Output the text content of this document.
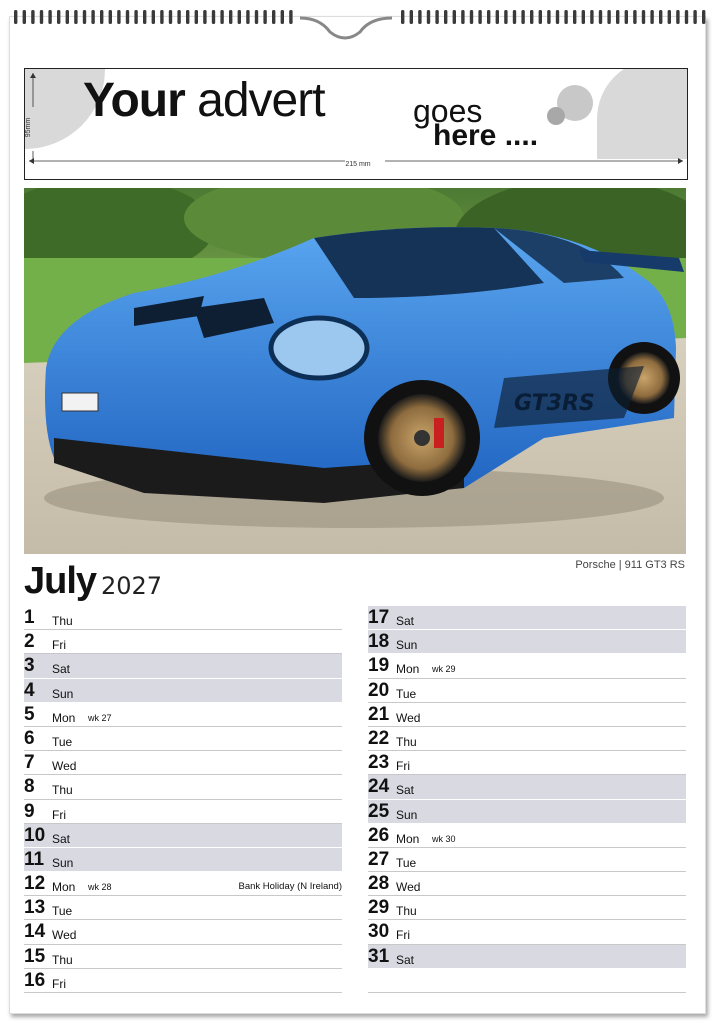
Your advert	goes
here ....
215 mm
95mm
GT3RS
Porsche | 911 GT3 RS
July 2027
1 Thu
2 Fri
3 Sat
4 Sun
5 Mon wk 27
6 Tue
7 Wed
8 Thu
9 Fri
10 Sat
11 Sun
12 Mon wk 28	Bank Holiday (N Ireland)
13 Tue
14 Wed
15 Thu
16 Fri
17 Sat
18 Sun
19 Mon wk 29
20 Tue
21 Wed
22 Thu
23 Fri
24 Sat
25 Sun
26 Mon wk 30
27 Tue
28 Wed
29 Thu
30 Fri
31 Sat
